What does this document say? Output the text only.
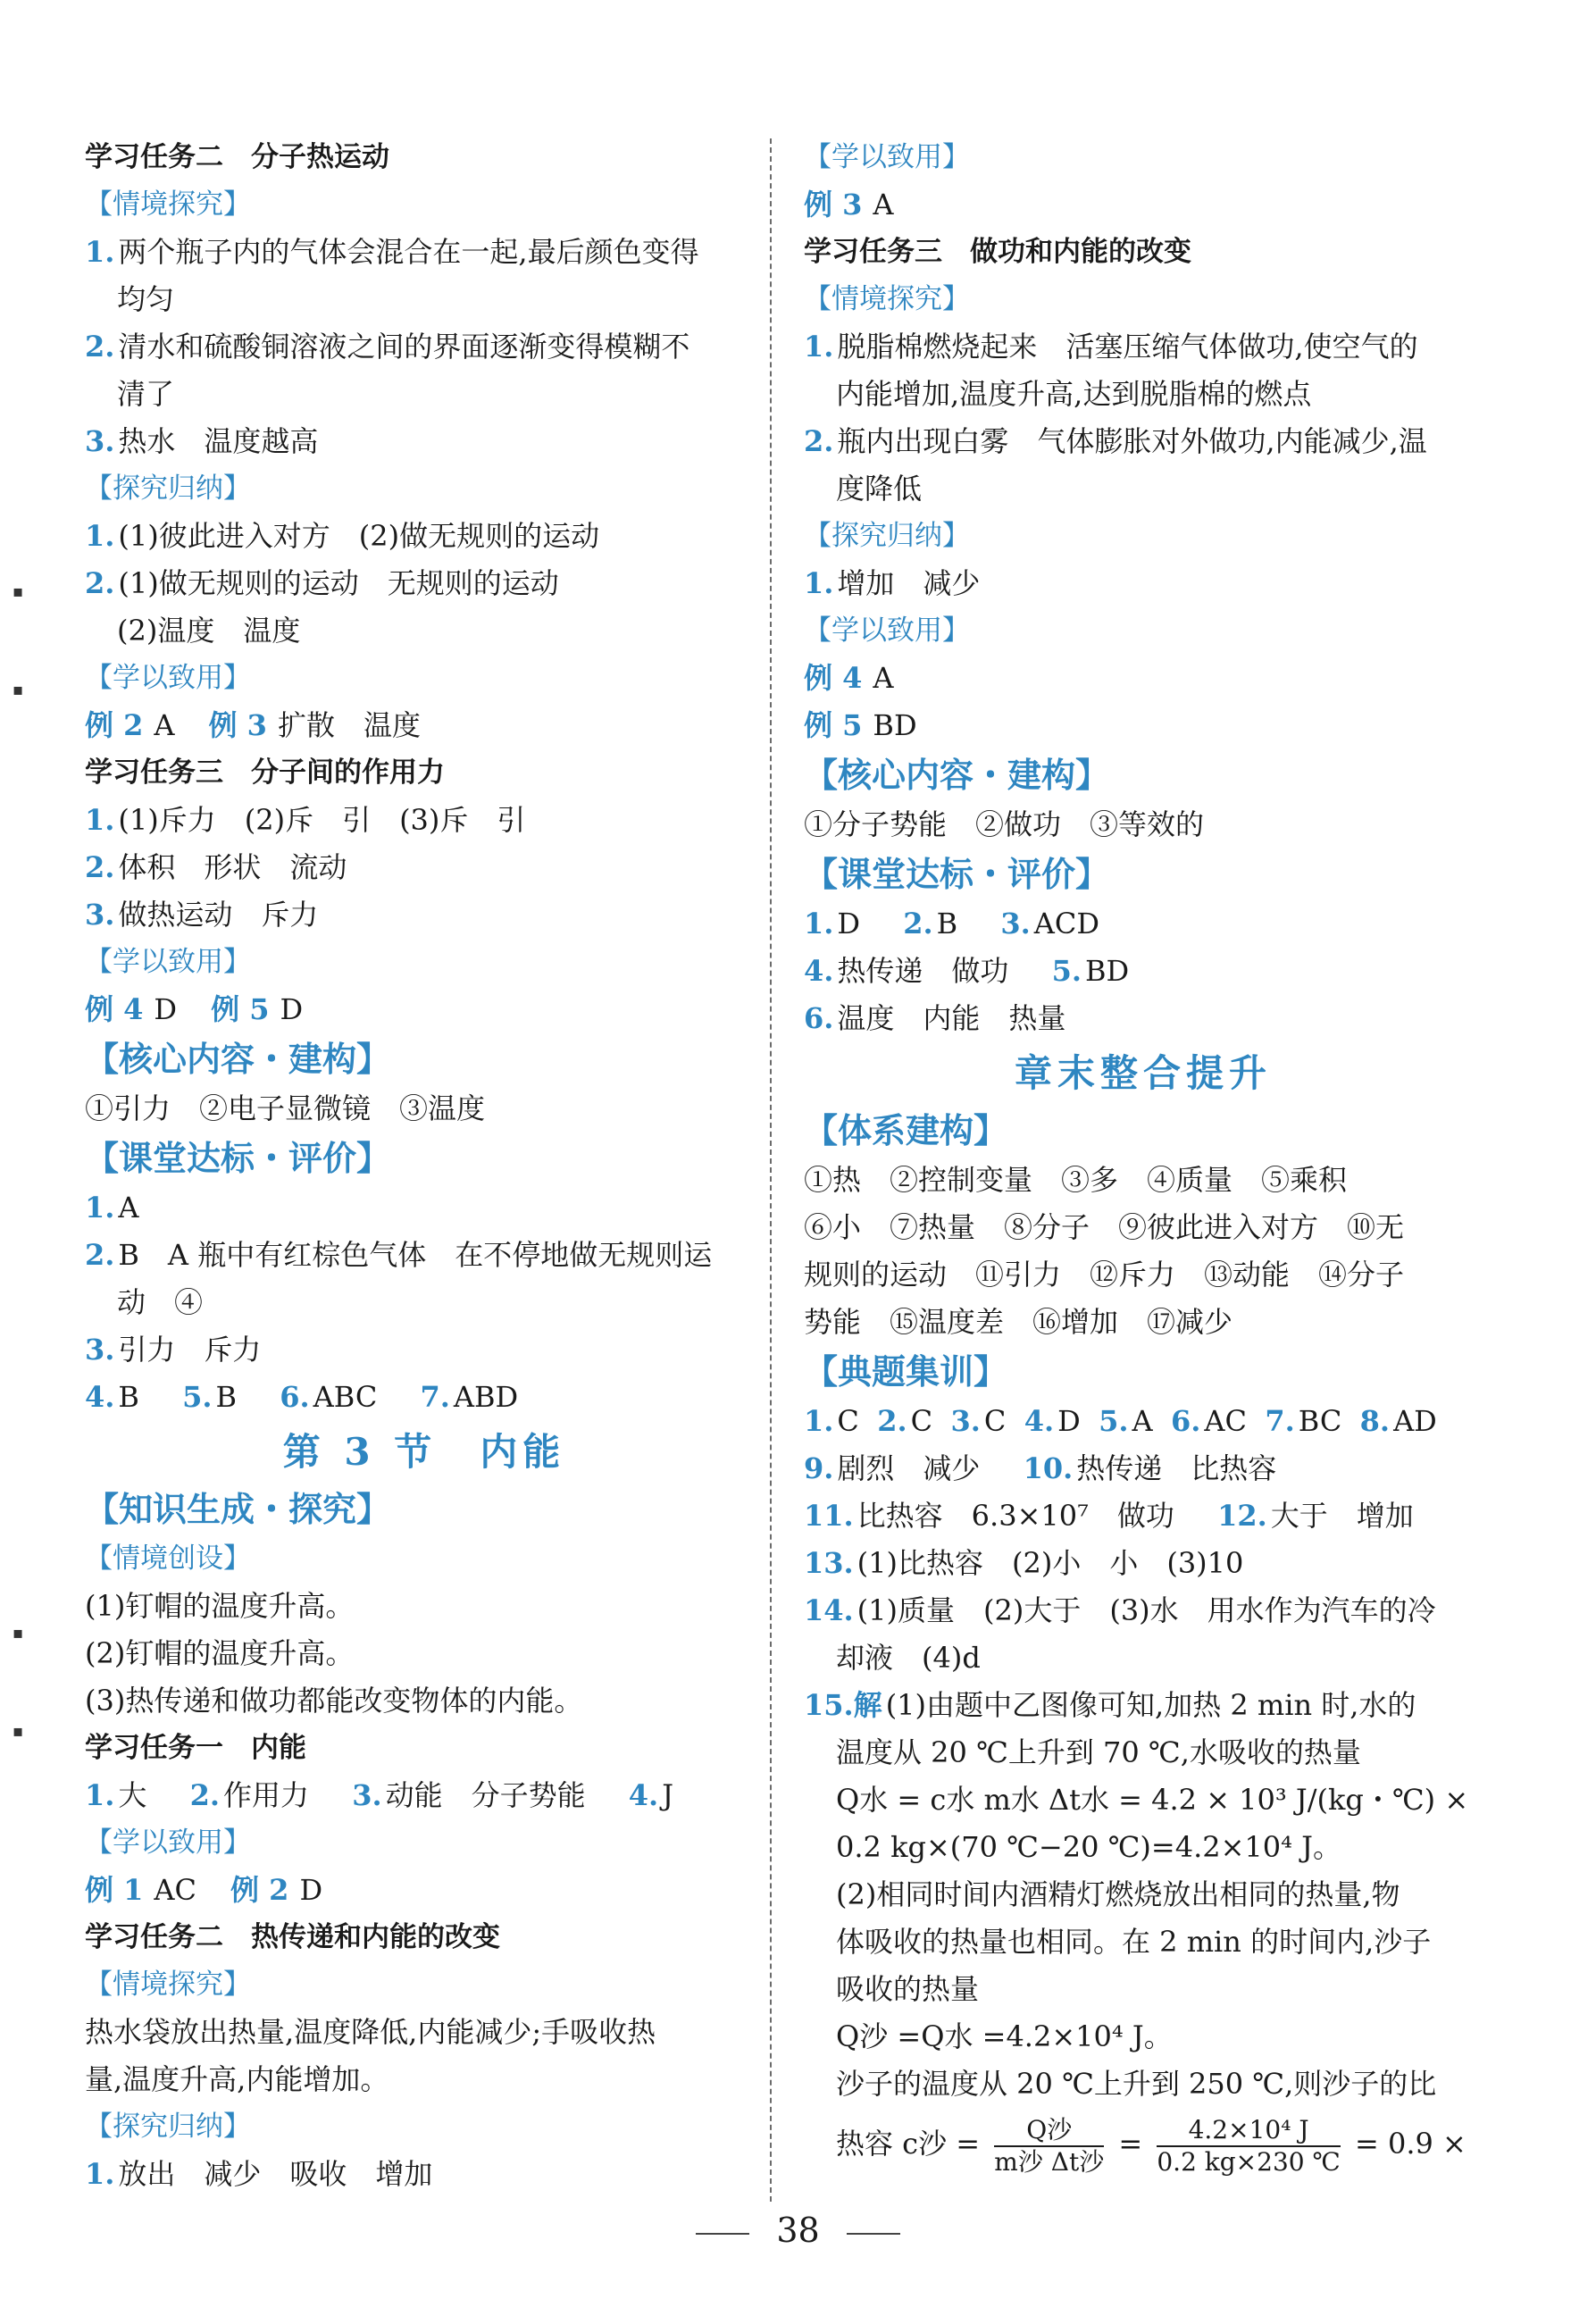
学习任务二　分子热运动
【情境探究】
1. 两个瓶子内的气体会混合在一起,最后颜色变得
均匀
2. 清水和硫酸铜溶液之间的界面逐渐变得模糊不
清了
3. 热水　温度越高
【探究归纳】
1. (1)彼此进入对方　(2)做无规则的运动
2. (1)做无规则的运动　无规则的运动
(2)温度　温度
【学以致用】
例 2 A 例 3 扩散　温度
学习任务三　分子间的作用力
1. (1)斥力　(2)斥　引　(3)斥　引
2. 体积　形状　流动
3. 做热运动　斥力
【学以致用】
例 4 D 例 5 D
【核心内容・建构】
①引力　②电子显微镜　③温度
【课堂达标・评价】
1. A
2. B　A 瓶中有红棕色气体　在不停地做无规则运
动　④
3. 引力　斥力
4. B 5. B 6. ABC 7. ABD
第 3 节　内能
【知识生成・探究】
【情境创设】
(1)钉帽的温度升高。
(2)钉帽的温度升高。
(3)热传递和做功都能改变物体的内能。
学习任务一　内能
1. 大 2. 作用力 3. 动能　分子势能 4. J
【学以致用】
例 1 AC 例 2 D
学习任务二　热传递和内能的改变
【情境探究】
热水袋放出热量,温度降低,内能减少;手吸收热
量,温度升高,内能增加。
【探究归纳】
1. 放出　减少　吸收　增加
【学以致用】
例 3 A
学习任务三　做功和内能的改变
【情境探究】
1. 脱脂棉燃烧起来　活塞压缩气体做功,使空气的
内能增加,温度升高,达到脱脂棉的燃点
2. 瓶内出现白雾　气体膨胀对外做功,内能减少,温
度降低
【探究归纳】
1. 增加　减少
【学以致用】
例 4 A
例 5 BD
【核心内容・建构】
①分子势能　②做功　③等效的
【课堂达标・评价】
1. D 2. B 3. ACD
4. 热传递　做功 5. BD
6. 温度　内能　热量
章末整合提升
【体系建构】
①热　②控制变量　③多　④质量　⑤乘积
⑥小　⑦热量　⑧分子　⑨彼此进入对方　⑩无
规则的运动　⑪引力　⑫斥力　⑬动能　⑭分子
势能　⑮温度差　⑯增加　⑰减少
【典题集训】
1. C 2. C 3. C 4. D 5. A 6. AC 7. BC 8. AD
9. 剧烈　减少 10. 热传递　比热容
11. 比热容　6.3×10⁷　做功 12. 大于　增加
13. (1)比热容　(2)小　小　(3)10
14. (1)质量　(2)大于　(3)水　用水作为汽车的冷
却液　(4)d
15.解 (1)由题中乙图像可知,加热 2 min 时,水的
温度从 20 ℃上升到 70 ℃,水吸收的热量
Q水 = c水 m水 Δt水 = 4.2 × 10³ J/(kg・℃) ×
0.2 kg×(70 ℃−20 ℃)=4.2×10⁴ J。
(2)相同时间内酒精灯燃烧放出相同的热量,物
体吸收的热量也相同。在 2 min 的时间内,沙子
吸收的热量
Q沙 =Q水 =4.2×10⁴ J。
沙子的温度从 20 ℃上升到 250 ℃,则沙子的比
热容 c沙 = $\frac{\text{Q沙}}{\text{m沙 Δt沙}} = \frac{\text{4.2×10⁴ J}}{0.2 kg\times 230 ℃} = 0.9$ ×
▪
▪
▪
▪
38
